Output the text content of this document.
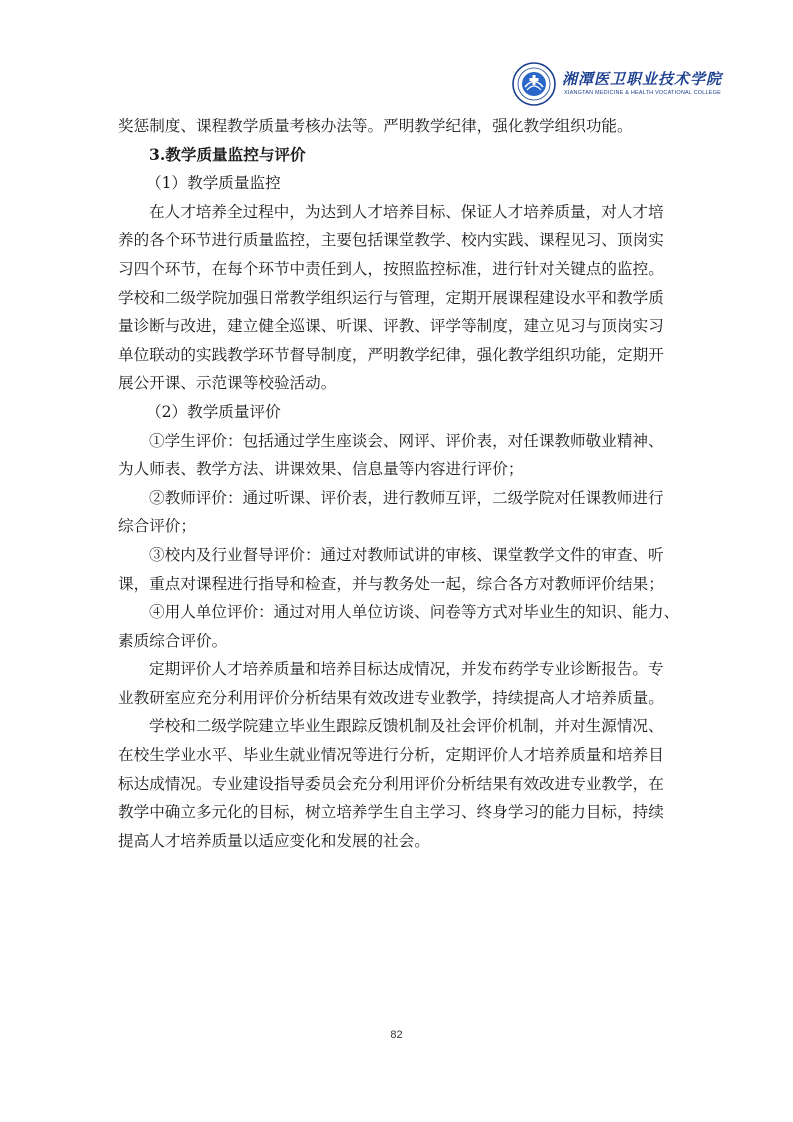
湘潭医卫职业技术学院
XIANGTAN MEDICINE & HEALTH VOCATIONAL COLLEGE

奖惩制度、课程教学质量考核办法等。严明教学纪律，强化教学组织功能。

3.教学质量监控与评价

（1）教学质量监控

在人才培养全过程中，为达到人才培养目标、保证人才培养质量，对人才培

养的各个环节进行质量监控，主要包括课堂教学、校内实践、课程见习、顶岗实

习四个环节，在每个环节中责任到人，按照监控标准，进行针对关键点的监控。

学校和二级学院加强日常教学组织运行与管理，定期开展课程建设水平和教学质

量诊断与改进，建立健全巡课、听课、评教、评学等制度，建立见习与顶岗实习

单位联动的实践教学环节督导制度，严明教学纪律，强化教学组织功能，定期开

展公开课、示范课等校验活动。

（2）教学质量评价

①学生评价：包括通过学生座谈会、网评、评价表，对任课教师敬业精神、

为人师表、教学方法、讲课效果、信息量等内容进行评价；

②教师评价：通过听课、评价表，进行教师互评，二级学院对任课教师进行

综合评价；

③校内及行业督导评价：通过对教师试讲的审核、课堂教学文件的审查、听

课，重点对课程进行指导和检查，并与教务处一起，综合各方对教师评价结果；

④用人单位评价：通过对用人单位访谈、问卷等方式对毕业生的知识、能力、

素质综合评价。

定期评价人才培养质量和培养目标达成情况，并发布药学专业诊断报告。专

业教研室应充分利用评价分析结果有效改进专业教学，持续提高人才培养质量。

学校和二级学院建立毕业生跟踪反馈机制及社会评价机制，并对生源情况、

在校生学业水平、毕业生就业情况等进行分析，定期评价人才培养质量和培养目

标达成情况。专业建设指导委员会充分利用评价分析结果有效改进专业教学，在

教学中确立多元化的目标，树立培养学生自主学习、终身学习的能力目标，持续

提高人才培养质量以适应变化和发展的社会。

82
